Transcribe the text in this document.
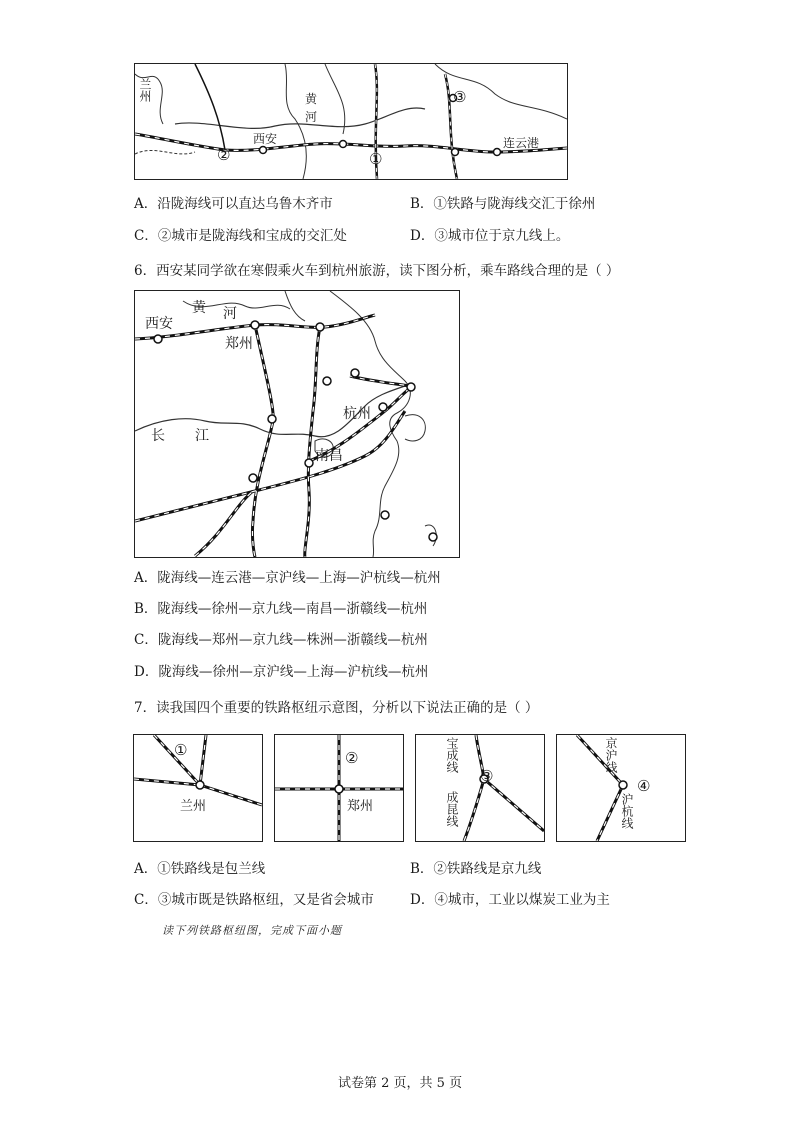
兰州
西安
黄
河
连云港
②	①
③
A．沿陇海线可以直达乌鲁木齐市	B．①铁路与陇海线交汇于徐州
C．②城市是陇海线和宝成的交汇处	D．③城市位于京九线上。
6．西安某同学欲在寒假乘火车到杭州旅游，读下图分析，乘车路线合理的是（ ）
西安
黄 河
郑州
杭州
长 江
南昌
A．陇海线—连云港—京沪线—上海—沪杭线—杭州
B．陇海线—徐州—京九线—南昌—浙赣线—杭州
C．陇海线—郑州—京九线—株洲—浙赣线—杭州
D．陇海线—徐州—京沪线—上海—沪杭线—杭州
7．读我国四个重要的铁路枢纽示意图，分析以下说法正确的是（ ）
①
兰州
②
郑州
③
宝成线
成昆线
④
京沪线
沪杭线
A．①铁路线是包兰线	B．②铁路线是京九线
C．③城市既是铁路枢纽，又是省会城市	D．④城市，工业以煤炭工业为主
读下列铁路枢纽图，完成下面小题
试卷第 2 页，共 5 页
